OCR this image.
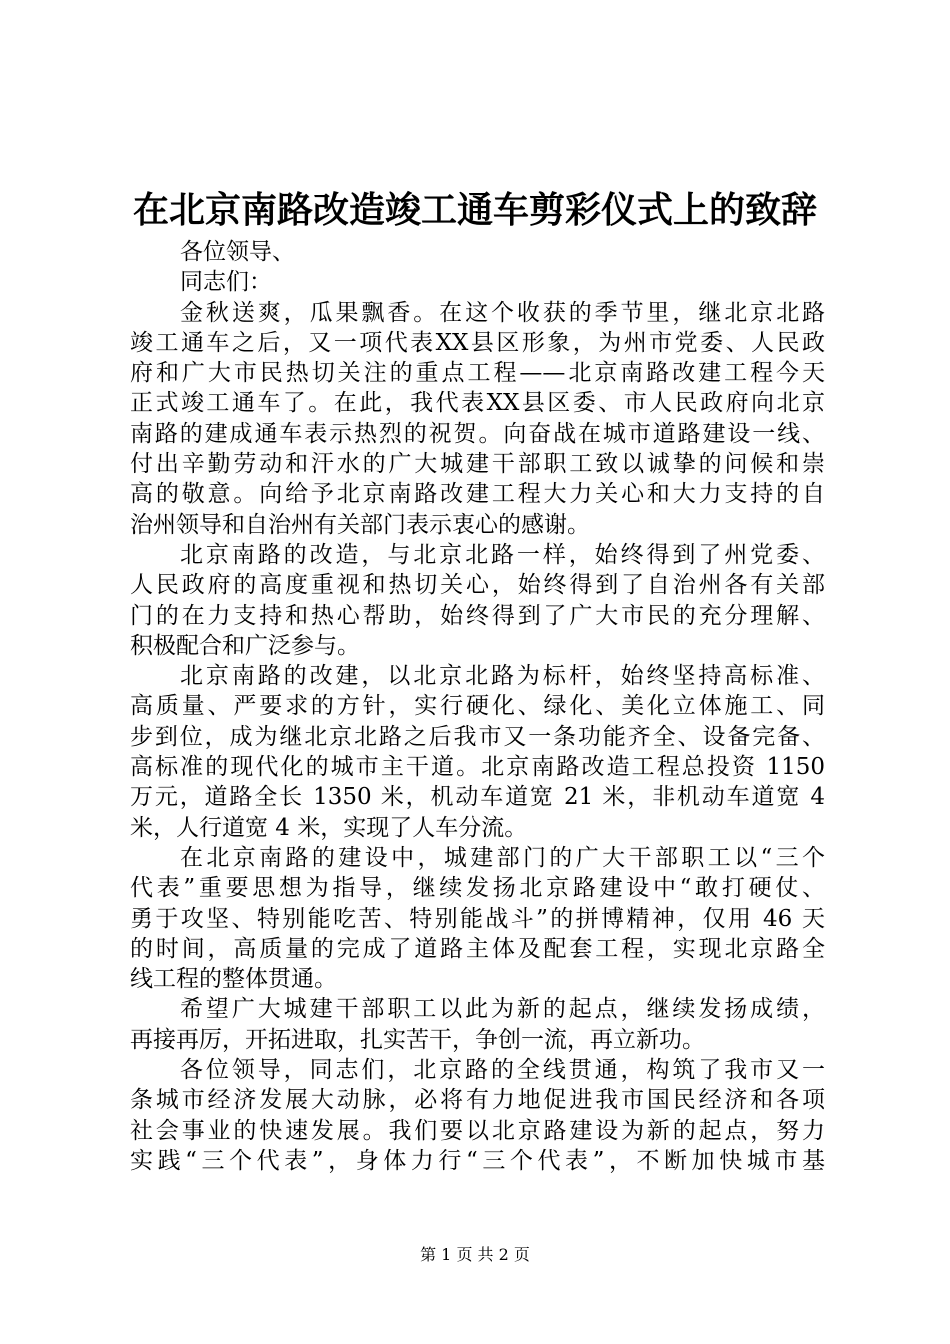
在北京南路改造竣工通车剪彩仪式上的致辞
各位领导、
同志们：
金秋送爽，瓜果飘香。在这个收获的季节里，继北京北路
竣工通车之后，又一项代表XX县区形象，为州市党委、人民政
府和广大市民热切关注的重点工程——北京南路改建工程今天
正式竣工通车了。在此，我代表XX县区委、市人民政府向北京
南路的建成通车表示热烈的祝贺。向奋战在城市道路建设一线、
付出辛勤劳动和汗水的广大城建干部职工致以诚挚的问候和崇
高的敬意。向给予北京南路改建工程大力关心和大力支持的自
治州领导和自治州有关部门表示衷心的感谢。
北京南路的改造，与北京北路一样，始终得到了州党委、
人民政府的高度重视和热切关心，始终得到了自治州各有关部
门的在力支持和热心帮助，始终得到了广大市民的充分理解、
积极配合和广泛参与。
北京南路的改建，以北京北路为标杆，始终坚持高标准、
高质量、严要求的方针，实行硬化、绿化、美化立体施工、同
步到位，成为继北京北路之后我市又一条功能齐全、设备完备、
高标准的现代化的城市主干道。北京南路改造工程总投资 1150
万元，道路全长 1350 米，机动车道宽 21 米，非机动车道宽 4
米，人行道宽 4 米，实现了人车分流。
在北京南路的建设中，城建部门的广大干部职工以“三个
代表”重要思想为指导，继续发扬北京路建设中“敢打硬仗、
勇于攻坚、特别能吃苦、特别能战斗”的拼博精神，仅用 46 天
的时间，高质量的完成了道路主体及配套工程，实现北京路全
线工程的整体贯通。
希望广大城建干部职工以此为新的起点，继续发扬成绩，
再接再厉，开拓进取，扎实苦干，争创一流，再立新功。
各位领导，同志们，北京路的全线贯通，构筑了我市又一
条城市经济发展大动脉，必将有力地促进我市国民经济和各项
社会事业的快速发展。我们要以北京路建设为新的起点，努力
实践“三个代表”，身体力行“三个代表”，不断加快城市基
第 1 页 共 2 页
